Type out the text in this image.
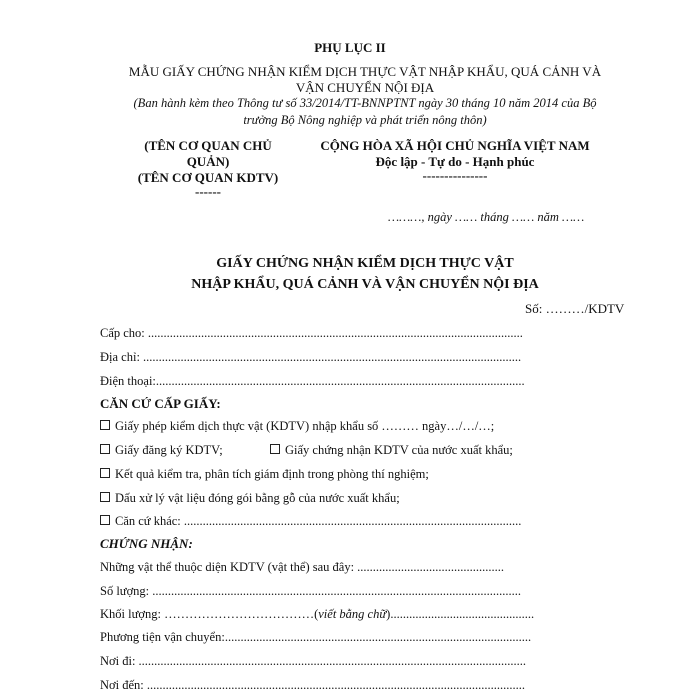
PHỤ LỤC II
MẪU GIẤY CHỨNG NHẬN KIỂM DỊCH THỰC VẬT NHẬP KHẨU, QUÁ CẢNH VÀ
VẬN CHUYỂN NỘI ĐỊA
(Ban hành kèm theo Thông tư số 33/2014/TT-BNNPTNT ngày 30 tháng 10 năm 2014 của Bộ
trưởng Bộ Nông nghiệp và phát triển nông thôn)
(TÊN CƠ QUAN CHỦ
QUẢN)
(TÊN CƠ QUAN KDTV)
------
CỘNG HÒA XÃ HỘI CHỦ NGHĨA VIỆT NAM
Độc lập - Tự do - Hạnh phúc
---------------
………, ngày …… tháng …… năm ……
GIẤY CHỨNG NHẬN KIỂM DỊCH THỰC VẬT
NHẬP KHẨU, QUÁ CẢNH VÀ VẬN CHUYỂN NỘI ĐỊA
Số: ………/KDTV
Cấp cho: ........................................................................................................................
Địa chỉ: .........................................................................................................................
Điện thoại:......................................................................................................................
CĂN CỨ CẤP GIẤY:
Giấy phép kiểm dịch thực vật (KDTV) nhập khẩu số ……… ngày…/…/…;
Giấy đăng ký KDTV;	Giấy chứng nhận KDTV của nước xuất khẩu;
Kết quả kiểm tra, phân tích giám định trong phòng thí nghiệm;
Dấu xử lý vật liệu đóng gói bằng gỗ của nước xuất khẩu;
Căn cứ khác: ............................................................................................................
CHỨNG NHẬN:
Những vật thể thuộc diện KDTV (vật thể) sau đây: ...............................................
Số lượng: ......................................................................................................................
Khối lượng: ………………………………(viết bằng chữ)..............................................
Phương tiện vận chuyển:..................................................................................................
Nơi đi: ............................................................................................................................
Nơi đến: .........................................................................................................................
